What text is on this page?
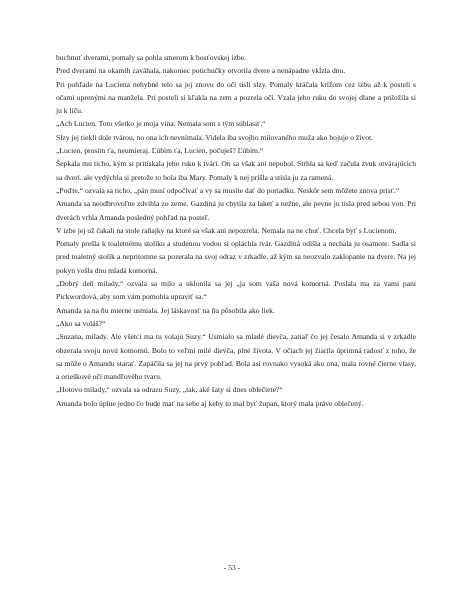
buchnuť dverami, pomaly sa pohla smerom k hosťovskej izbe.

Pred dverami na okamih zaváhala, nakoniec potichučky otvorila dvere a nenápadne vkĺzla dnu.

Pri pohľade na Luciena nehybné telo sa jej znovu do očí tisli slzy. Pomaly kráčala krížom cez izbu až k posteli s očami uprenými na manžela. Pri posteli si kľakla na zem a pozrela očí. Vzala jeho ruku do svojej dlane a priložila si ju k líču.

„Ach Lucien. Toto všetko je moja vina. Nemala som s tým súhlasiť.“

Slzy jej tiekli dole tvárou, no ona ich nevnímala. Videla iba svojho milovaného muža ako bojuje o život.

„Lucien, prosím ťa, neumieraj. Ľúbim ťa, Lucien, počuješ? Ľúbim.“

Šepkala mu ticho, kým si pritískala jeho ruku k tvári. On sa však ani nepohol. Strhla sa keď začula zvuk otvárajúcich sa dverí. ale vydýchla si pretože to bola iba Mary. Pomaly k nej prišla a stisla ju za ramená.

„Poďte,“ ozvala sa ticho, „pán musí odpočívať a vy sa musíte dať do poriadku. Neskôr sem môžete znova prísť.“

Amanda sa neodbrovoľne zdvihla zo zeme. Gazdiná ju chytila za lakeť a nežne, ale pevne ju tisla pred sebou von. Pri dverách vrhla Amanda posledný pohľad na posteľ.

V izbe jej už čakali na stole raňajky na ktoré sa však ani nepozrela. Nemala na ne chuť. Chcela byť s Lucienom.

Pomaly prešla k toaletnému stolíku a studenou vodou si opláchla tvár. Gazdiná odišla a nechala ju osamote. Sadla si pred toaletný stolík a nepritomne sa pozerala na svoj odraz v zrkadle. až kým sa neozvalo zaklopanie na dvere. Na jej pokyn vošla dnu mladá komorná.

„Dobrý deň milady,“ ozvala sa milo a uklonila sa jej „ja som vaša nová komorná. Poslala ma za vami pani Pickwordová, aby som vám pomohla upraviť sa.“

Amanda sa na ňu mierne usmiala. Jej láskavosť na ňu pôsobila ako liek.

„Ako sa voláš?“

„Suzana, milady. Ale všetci ma tu volajú Suzy.“ Usmialo sa mladé dievča, zatiaľ čo jej česalo Amanda si v zrkadle obzerala svoju novú komornú. Bolo to veľmi milé dievča, plné života. V očiach jej žiarila úprimná radosť z toho, že sa môže o Amandu starať. Zapáčila sa jej na prvý pohľad. Bola asi rovnako vysoká ako ona, mala rovné čierne vlasy, a orieškové oči mandľového tvaru.

„Hotovo milady,“ ozvala sa odrazu Suzy, „tak, aké šaty si dnes oblečiete?“

Amanda bolo úplne jedno čo bude mať na sebe aj keby to mal byť župan, ktorý mala práve oblečený.

- 53 -
